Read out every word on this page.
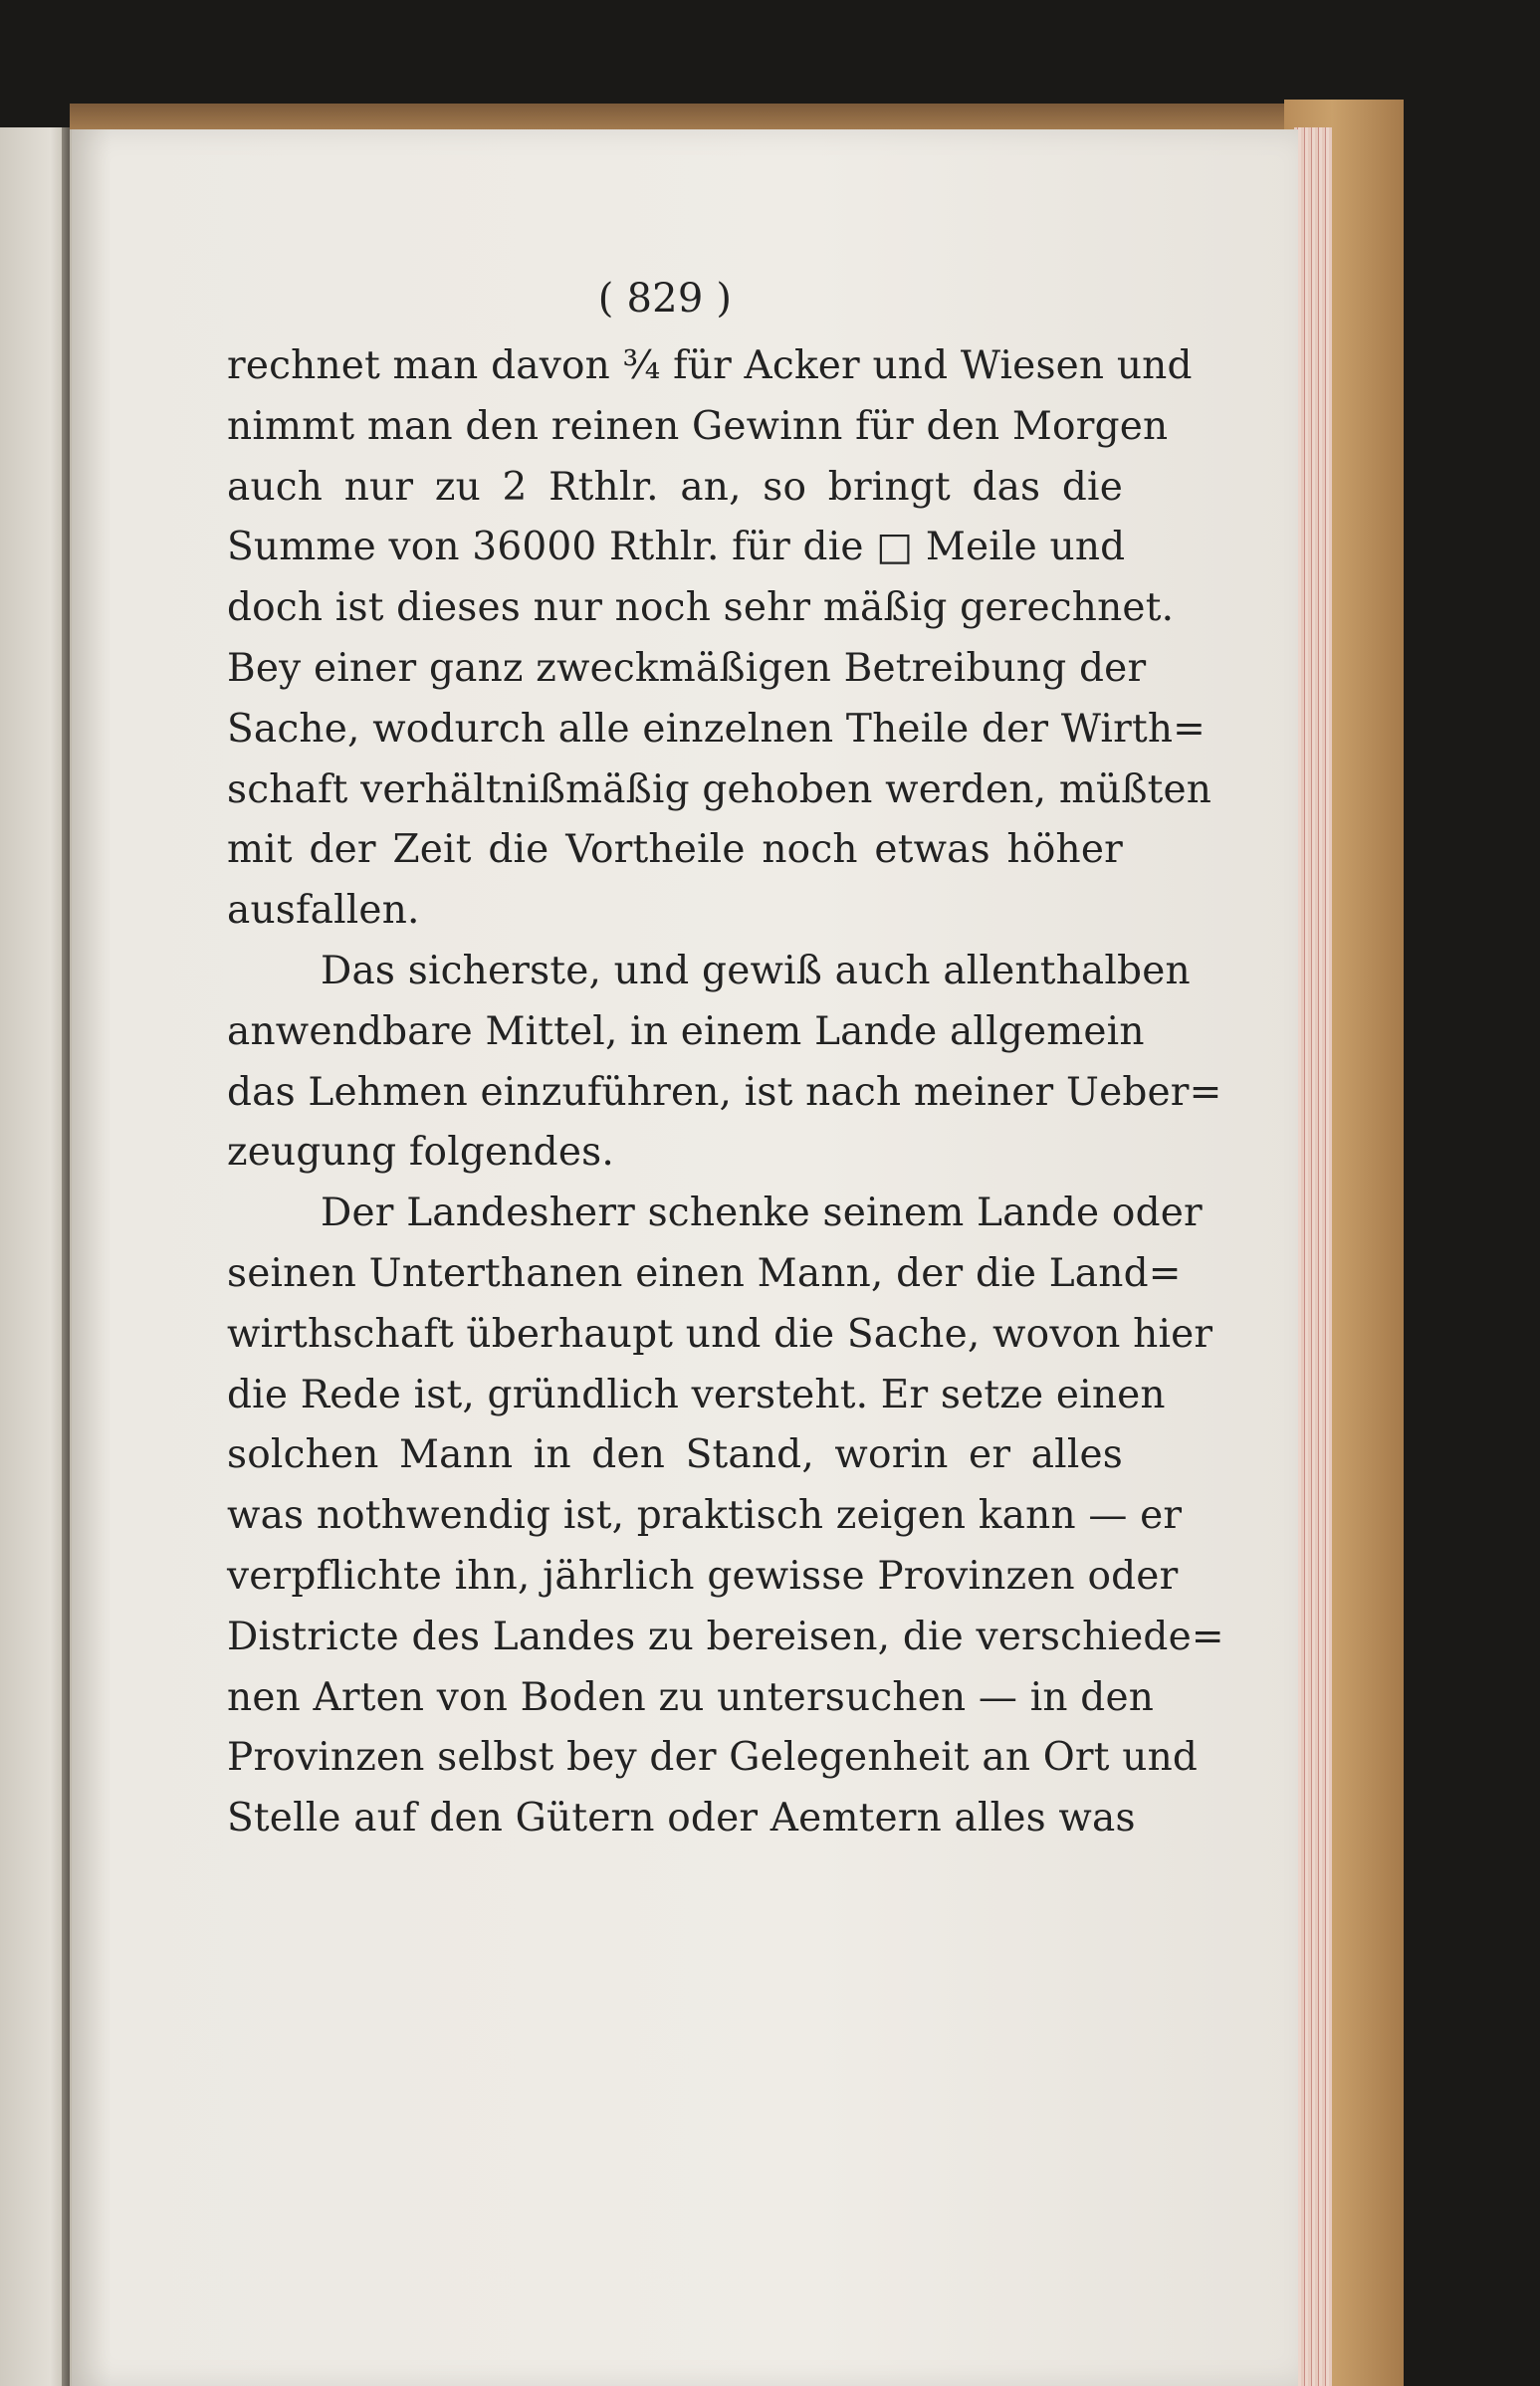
( 829 )
rechnet man davon ¾ für Acker und Wiesen und
nimmt man den reinen Gewinn für den Morgen
auch nur zu 2 Rthlr. an, so bringt das die
Summe von 36000 Rthlr. für die □ Meile und
doch ist dieses nur noch sehr mäßig gerechnet.
Bey einer ganz zweckmäßigen Betreibung der
Sache, wodurch alle einzelnen Theile der Wirth=
schaft verhältnißmäßig gehoben werden, müßten
mit der Zeit die Vortheile noch etwas höher
ausfallen.
Das sicherste, und gewiß auch allenthalben
anwendbare Mittel, in einem Lande allgemein
das Lehmen einzuführen, ist nach meiner Ueber=
zeugung folgendes.
Der Landesherr schenke seinem Lande oder
seinen Unterthanen einen Mann, der die Land=
wirthschaft überhaupt und die Sache, wovon hier
die Rede ist, gründlich versteht. Er setze einen
solchen Mann in den Stand, worin er alles
was nothwendig ist, praktisch zeigen kann — er
verpflichte ihn, jährlich gewisse Provinzen oder
Districte des Landes zu bereisen, die verschiede=
nen Arten von Boden zu untersuchen — in den
Provinzen selbst bey der Gelegenheit an Ort und
Stelle auf den Gütern oder Aemtern alles was
